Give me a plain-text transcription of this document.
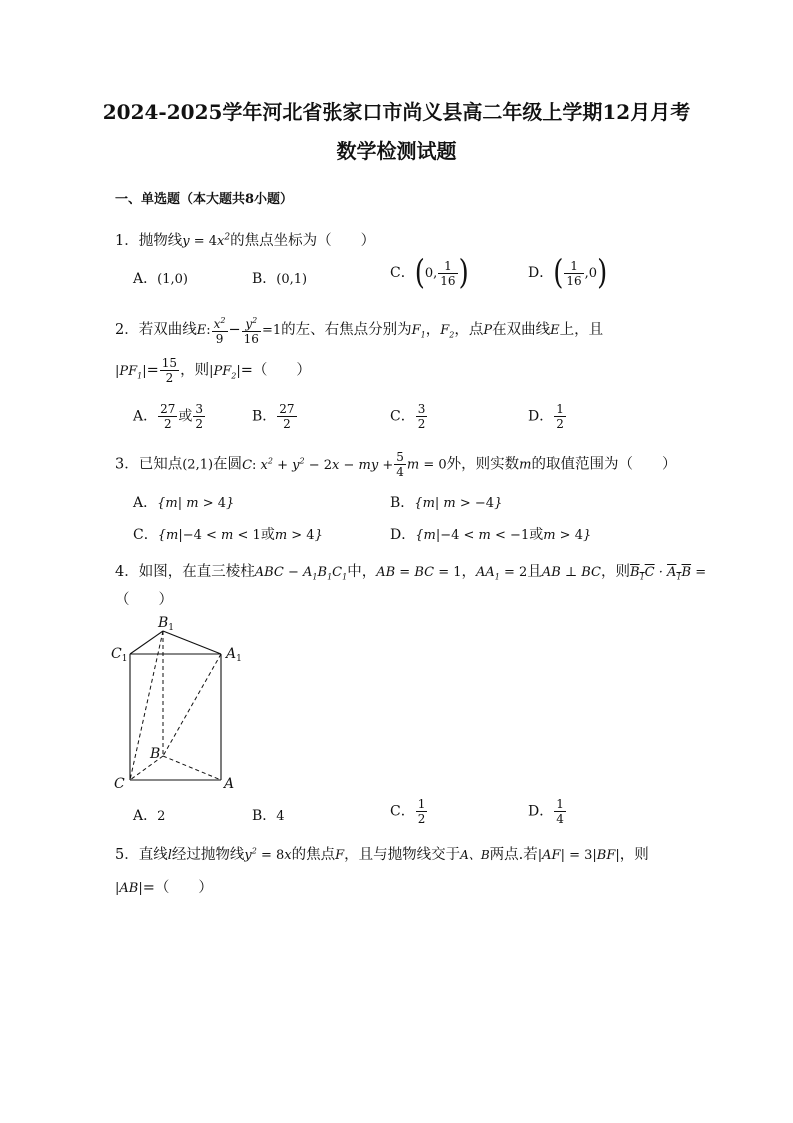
2024-2025学年河北省张家口市尚义县高二年级上学期12月月考
数学检测试题
一、单选题（本大题共8小题）
1．抛物线$y = 4x^2$的焦点坐标为（　　）
A．(1,0)	B．(0,1)	C．(0, $\frac{1}{16}$ )	D．( $\frac{1}{16} ,0$)
2．若双曲线E: $\frac{x^2}{9} - \frac{y^2}{16} =1$的左、右焦点分别为$F_1$，$F_2$，点P在双曲线E上，且
$|PF_1|= \frac{15}{2}$ ，则$|PF_2|=$（　　）
A． $\frac{27}{2}$ 或 $\frac{3}{2}$	B． $\frac{27}{2}$	C． $\frac{3}{2}$	D． $\frac{1}{2}$
3．已知点(2,1)在圆C: $x^2 + y^2 - 2x$ − my + $\frac{5}{4}$ m = 0外，则实数m的取值范围为（　　）
A．{m| m > 4}	B．{m| m > −4}
C．{m|−4 < m < 1或m > 4}	D．{m|−4 < m < −1或m > 4}
4．如图，在直三棱柱ABC − $A_1B_1C_1$中，AB = BC = 1，$AA_1 = 2$且AB ⊥ BC，则$B_1C \cdot A_1B$ =
（　　）
$B_1$
$C_1$	$A_1$
B
C	A
A．2	B．4	C． $\frac{1}{2}$	D． $\frac{1}{4}$
5．直线l经过抛物线$y^2 = 8x$的焦点F，且与抛物线交于A、B两点.若|AF| = 3|BF|，则
|AB|=（　　）
